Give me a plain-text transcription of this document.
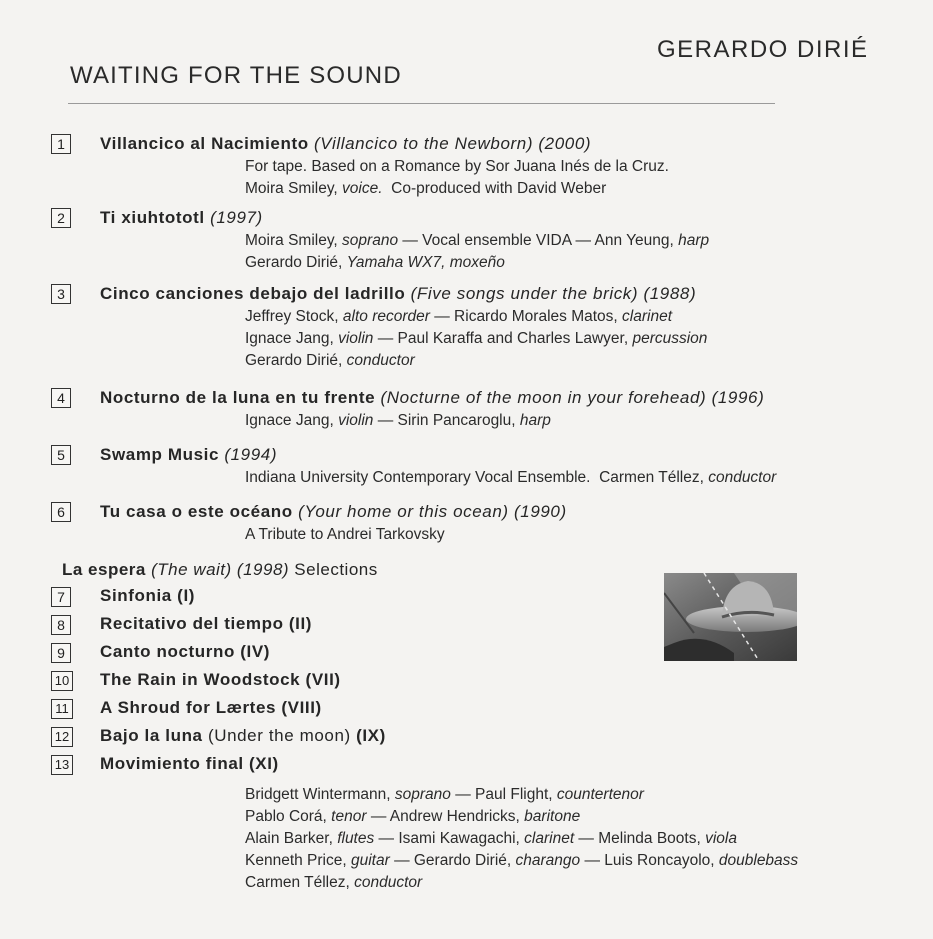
GERARDO DIRIÉ
WAITING FOR THE SOUND
1	Villancico al Nacimiento (Villancico to the Newborn) (2000)
For tape. Based on a Romance by Sor Juana Inés de la Cruz.
Moira Smiley, voice.  Co-produced with David Weber
2	Ti xiuhtototl (1997)
Moira Smiley, soprano — Vocal ensemble VIDA — Ann Yeung, harp
Gerardo Dirié, Yamaha WX7, moxeño
3	Cinco canciones debajo del ladrillo (Five songs under the brick) (1988)
Jeffrey Stock, alto recorder — Ricardo Morales Matos, clarinet
Ignace Jang, violin — Paul Karaffa and Charles Lawyer, percussion
Gerardo Dirié, conductor
4	Nocturno de la luna en tu frente (Nocturne of the moon in your forehead) (1996)
Ignace Jang, violin — Sirin Pancaroglu, harp
5	Swamp Music (1994)
Indiana University Contemporary Vocal Ensemble.  Carmen Téllez, conductor
6	Tu casa o este océano (Your home or this ocean) (1990)
A Tribute to Andrei Tarkovsky
La espera (The wait) (1998) Selections
7	Sinfonia (I)
8	Recitativo del tiempo (II)
9	Canto nocturno (IV)
10 The Rain in Woodstock (VII)
11 A Shroud for Lærtes (VIII)
12 Bajo la luna (Under the moon) (IX)
13 Movimiento final (XI)
Bridgett Wintermann, soprano — Paul Flight, countertenor
Pablo Corá, tenor — Andrew Hendricks, baritone
Alain Barker, flutes — Isami Kawagachi, clarinet — Melinda Boots, viola
Kenneth Price, guitar — Gerardo Dirié, charango — Luis Roncayolo, doublebass
Carmen Téllez, conductor
